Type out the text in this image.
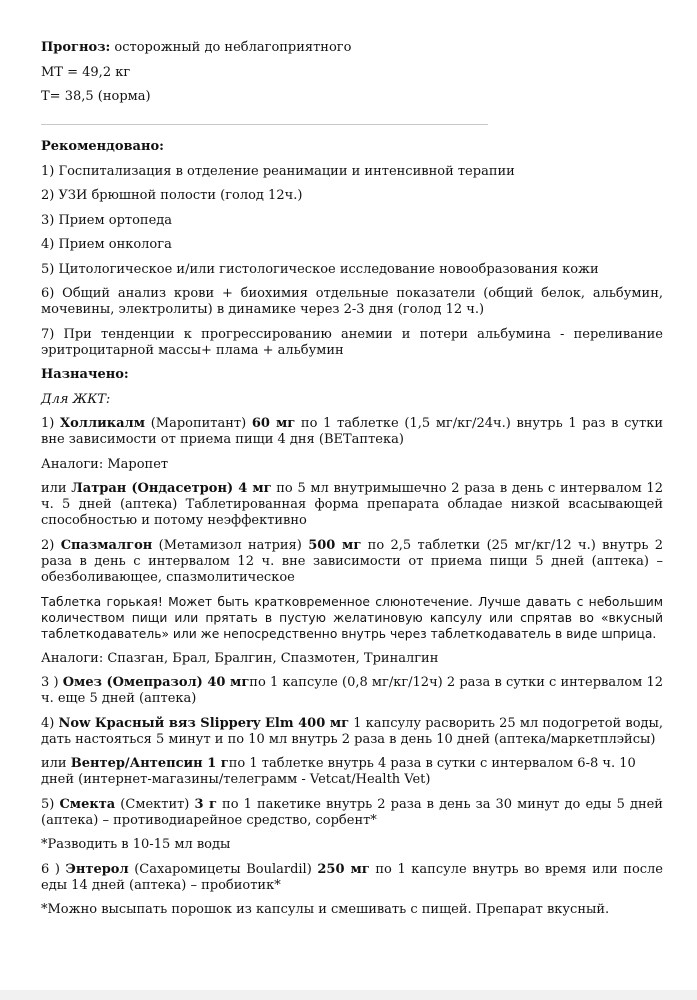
Прогноз: осторожный до неблагоприятного

МТ = 49,2 кг

Т= 38,5 (норма)

Рекомендовано:

1) Госпитализация в отделение реанимации и интенсивной терапии

2) УЗИ брюшной полости (голод 12ч.)

3) Прием ортопеда

4) Прием онколога

5) Цитологическое и/или гистологическое исследование новообразования кожи

6) Общий анализ крови + биохимия отдельные показатели (общий белок, альбумин, мочевины, электролиты) в динамике через 2-3 дня (голод 12 ч.)

7) При тенденции к прогрессированию анемии и потери альбумина - переливание эритроцитарной массы+ плама + альбумин

Назначено:

Для ЖКТ:

1) Холликалм (Маропитант) 60 мг по 1 таблетке (1,5 мг/кг/24ч.) внутрь 1 раз в сутки вне зависимости от приема пищи 4 дня (ВЕТаптека)

Аналоги: Маропет

или Латран (Ондасетрон) 4 мг по 5 мл внутримышечно 2 раза в день с интервалом 12 ч. 5 дней (аптека) Таблетированная форма препарата обладае низкой всасывающей способностью и потому неэффективно

2) Спазмалгон (Метамизол натрия) 500 мг по 2,5 таблетки (25 мг/кг/12 ч.) внутрь 2 раза в день с интервалом 12 ч. вне зависимости от приема пищи 5 дней (аптека) – обезболивающее, спазмолитическое

Таблетка горькая! Может быть кратковременное слюнотечение. Лучше давать с небольшим количеством пищи или прятать в пустую желатиновую капсулу или спрятав во «вкусный таблеткодаватель» или же непосредственно внутрь через таблеткодаватель в виде шприца.

Аналоги: Спазган, Брал, Бралгин, Спазмотен, Триналгин

3 ) Омез (Омепразол) 40 мгпо 1 капсуле (0,8 мг/кг/12ч) 2 раза в сутки с интервалом 12 ч. еще 5 дней (аптека)

4) Now Красный вяз Slippery Elm 400 мг 1 капсулу расворить 25 мл подогретой воды, дать настояться 5 минут и по 10 мл внутрь 2 раза в день 10 дней (аптека/маркетплэйсы)

или Вентер/Антепсин 1 гпо 1 таблетке внутрь 4 раза в сутки с интервалом 6-8 ч. 10 дней (интернет-магазины/телеграмм - Vetcat/Health Vet)

5) Смекта (Смектит) 3 г по 1 пакетике внутрь 2 раза в день за 30 минут до еды 5 дней (аптека) – противодиарейное средство, сорбент*

*Разводить в 10-15 мл воды

6 ) Энтерол (Сахаромицеты Boulardil) 250 мг по 1 капсуле внутрь во время или после еды 14 дней (аптека) – пробиотик*

*Можно высыпать порошок из капсулы и смешивать с пищей. Препарат вкусный.
